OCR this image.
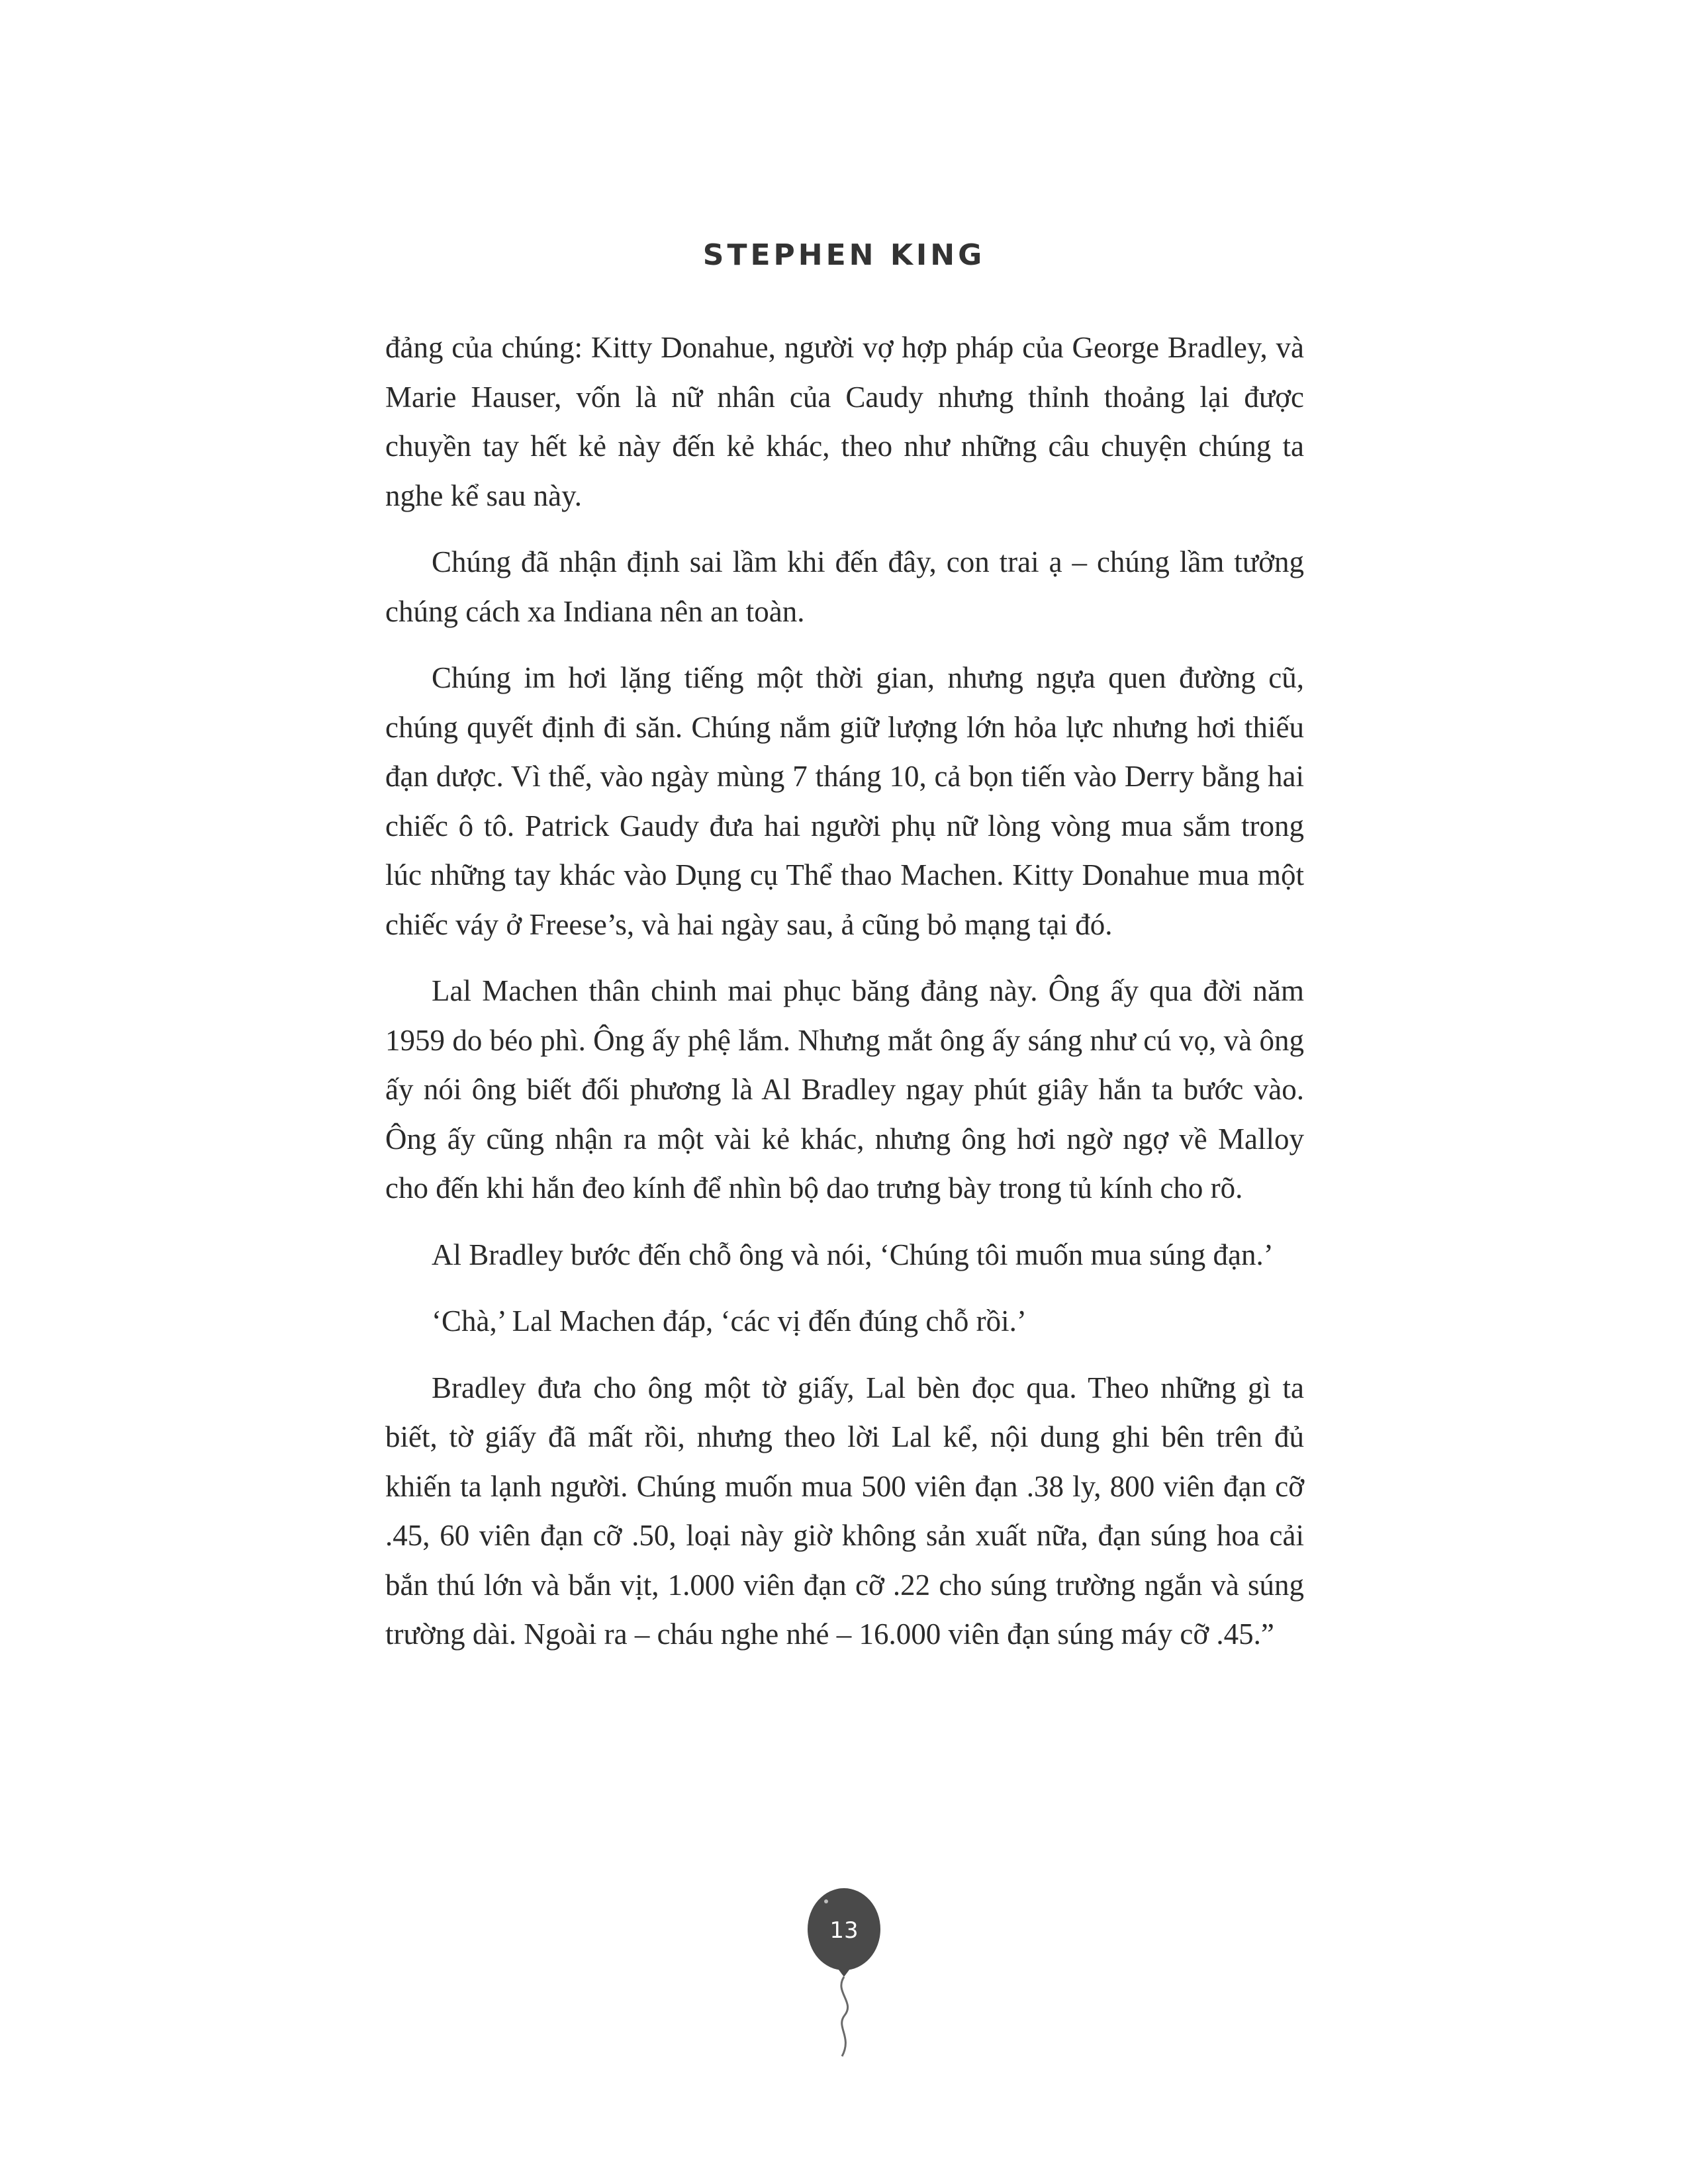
STEPHEN KING

đảng của chúng: Kitty Donahue, người vợ hợp pháp của George Bradley, và Marie Hauser, vốn là nữ nhân của Caudy nhưng thỉnh thoảng lại được chuyền tay hết kẻ này đến kẻ khác, theo như những câu chuyện chúng ta nghe kể sau này.

Chúng đã nhận định sai lầm khi đến đây, con trai ạ – chúng lầm tưởng chúng cách xa Indiana nên an toàn.

Chúng im hơi lặng tiếng một thời gian, nhưng ngựa quen đường cũ, chúng quyết định đi săn. Chúng nắm giữ lượng lớn hỏa lực nhưng hơi thiếu đạn dược. Vì thế, vào ngày mùng 7 tháng 10, cả bọn tiến vào Derry bằng hai chiếc ô tô. Patrick Gaudy đưa hai người phụ nữ lòng vòng mua sắm trong lúc những tay khác vào Dụng cụ Thể thao Machen. Kitty Donahue mua một chiếc váy ở Freese’s, và hai ngày sau, ả cũng bỏ mạng tại đó.

Lal Machen thân chinh mai phục băng đảng này. Ông ấy qua đời năm 1959 do béo phì. Ông ấy phệ lắm. Nhưng mắt ông ấy sáng như cú vọ, và ông ấy nói ông biết đối phương là Al Bradley ngay phút giây hắn ta bước vào. Ông ấy cũng nhận ra một vài kẻ khác, nhưng ông hơi ngờ ngợ về Malloy cho đến khi hắn đeo kính để nhìn bộ dao trưng bày trong tủ kính cho rõ.

Al Bradley bước đến chỗ ông và nói, ‘Chúng tôi muốn mua súng đạn.’

‘Chà,’ Lal Machen đáp, ‘các vị đến đúng chỗ rồi.’

Bradley đưa cho ông một tờ giấy, Lal bèn đọc qua. Theo những gì ta biết, tờ giấy đã mất rồi, nhưng theo lời Lal kể, nội dung ghi bên trên đủ khiến ta lạnh người. Chúng muốn mua 500 viên đạn .38 ly, 800 viên đạn cỡ .45, 60 viên đạn cỡ .50, loại này giờ không sản xuất nữa, đạn súng hoa cải bắn thú lớn và bắn vịt, 1.000 viên đạn cỡ .22 cho súng trường ngắn và súng trường dài. Ngoài ra – cháu nghe nhé – 16.000 viên đạn súng máy cỡ .45.”

13
